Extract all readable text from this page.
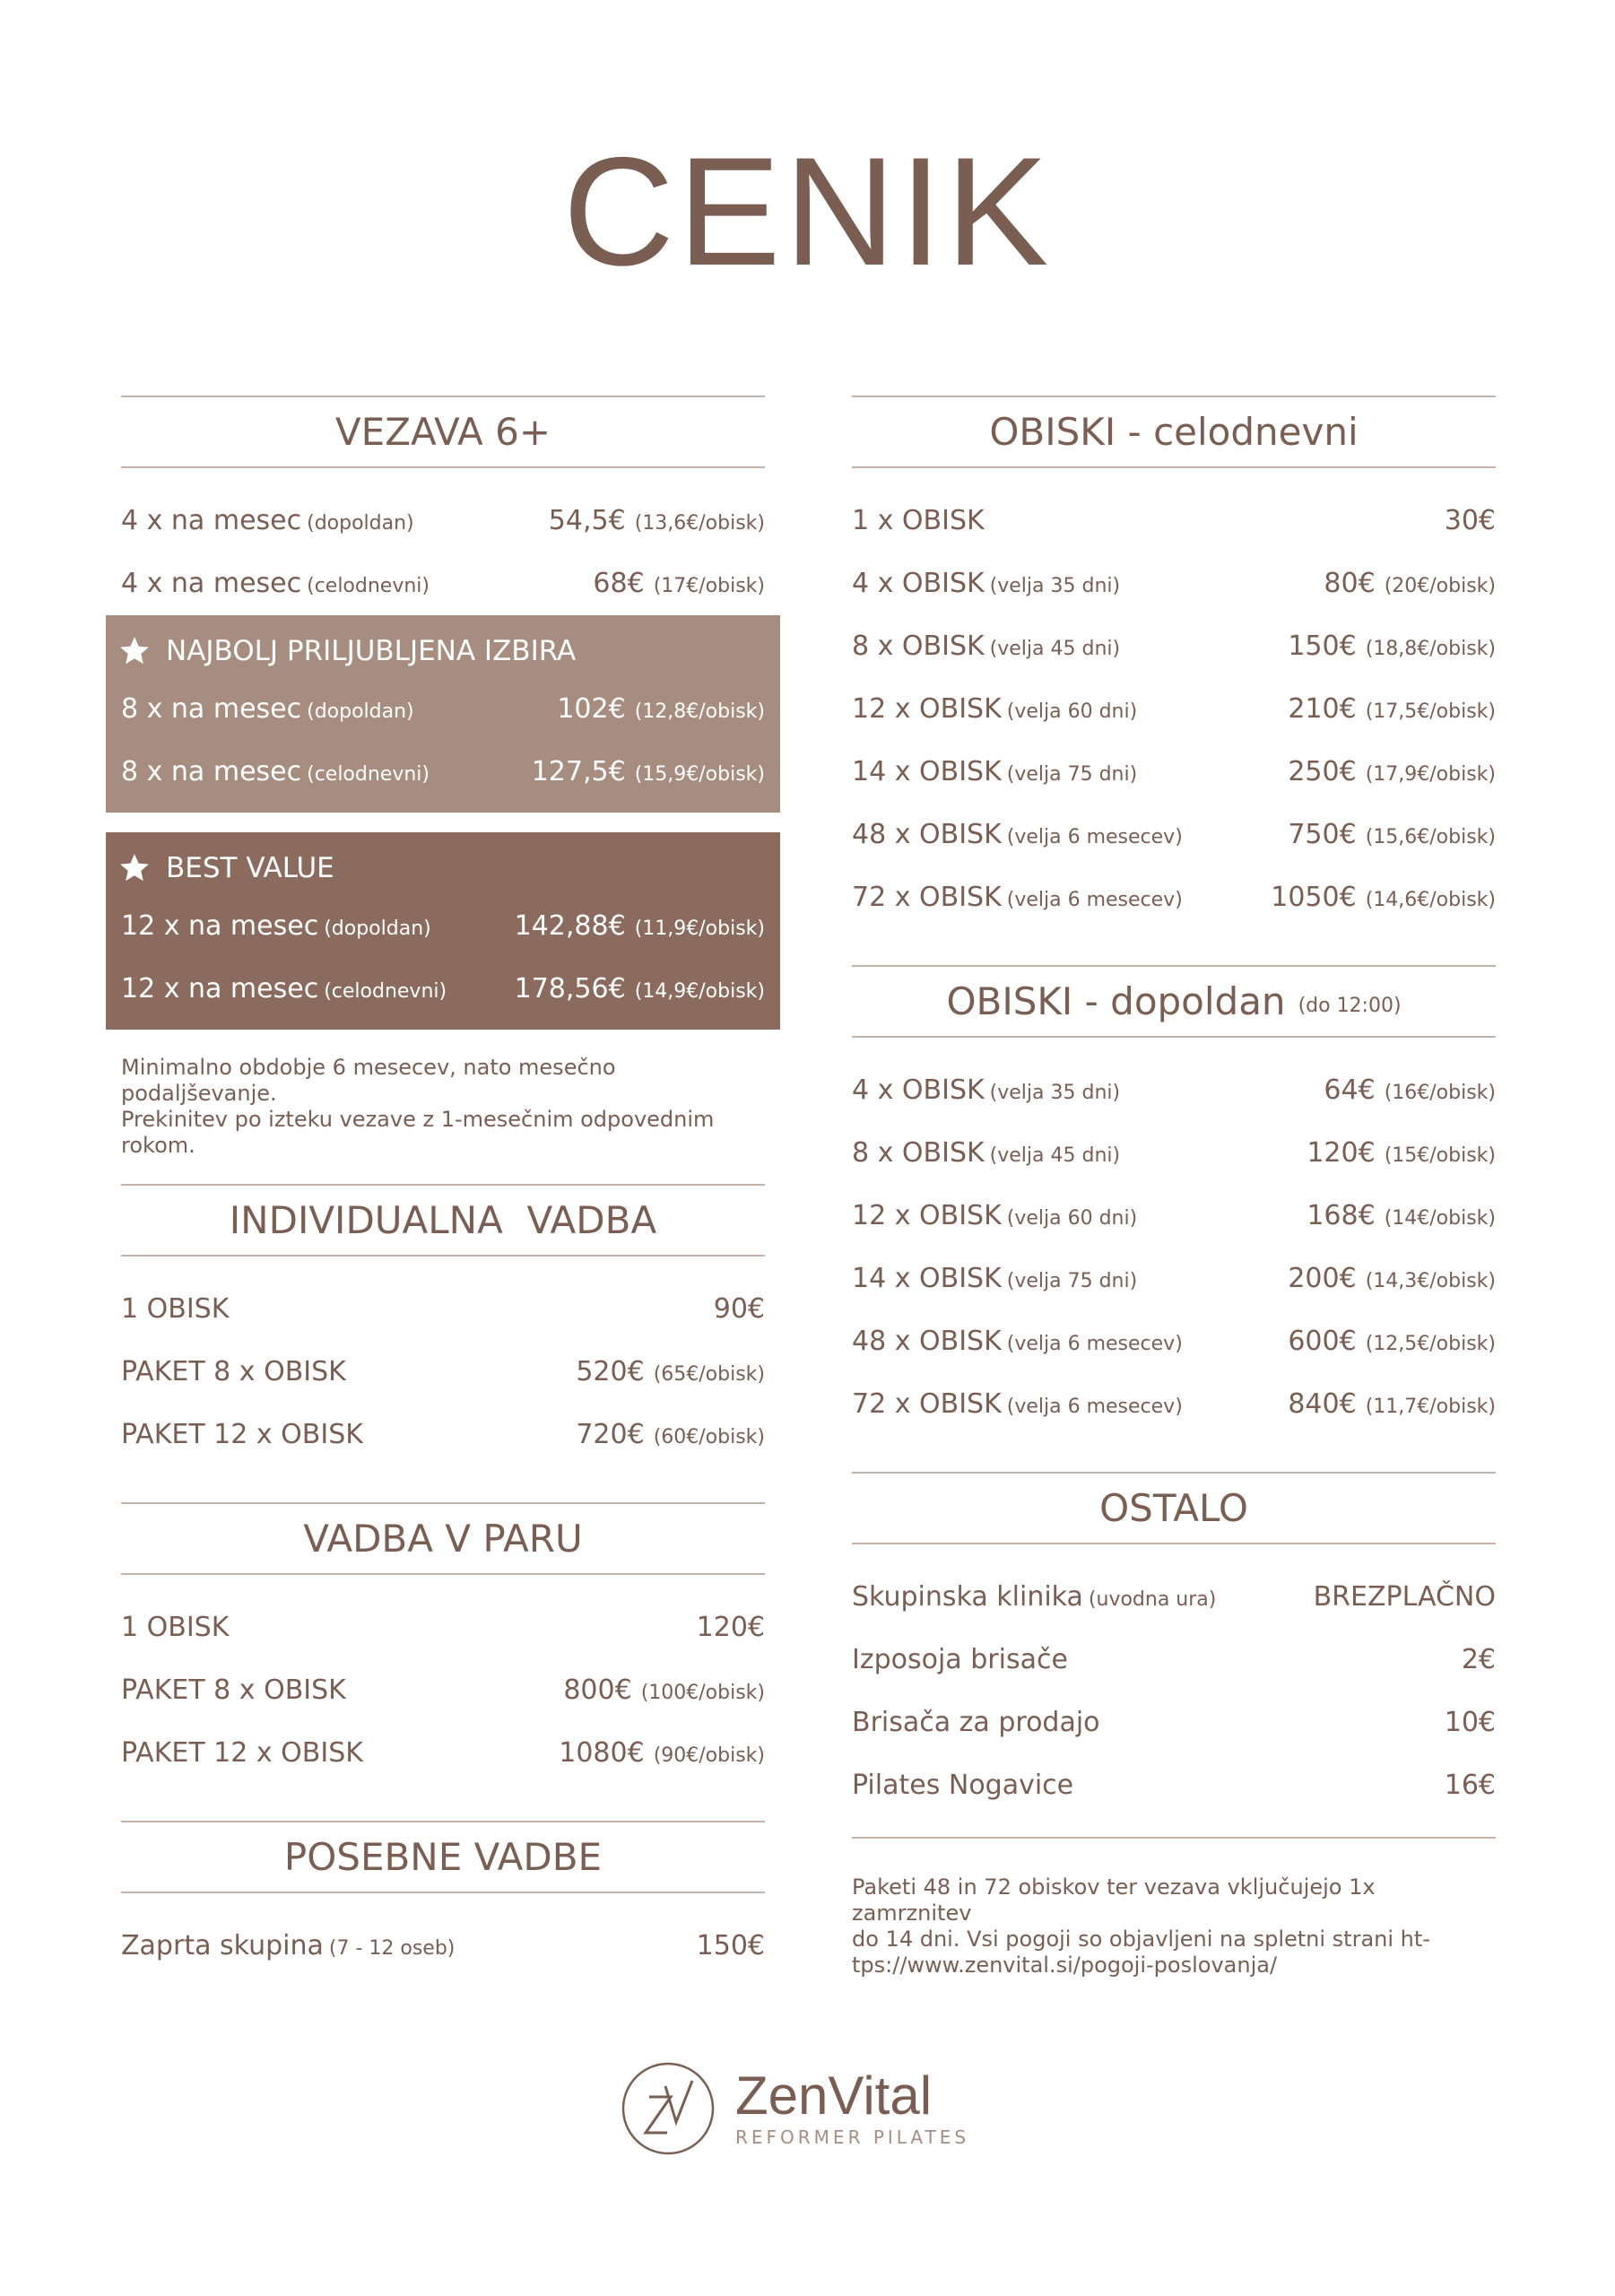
CENIK
VEZAVA 6+
4 x na mesec (dopoldan)	54,5€ (13,6€/obisk)
4 x na mesec (celodnevni)	68€ (17€/obisk)
NAJBOLJ PRILJUBLJENA IZBIRA
8 x na mesec (dopoldan)	102€ (12,8€/obisk)
8 x na mesec (celodnevni)	127,5€ (15,9€/obisk)
BEST VALUE
12 x na mesec (dopoldan)	142,88€ (11,9€/obisk)
12 x na mesec (celodnevni)	178,56€ (14,9€/obisk)
Minimalno obdobje 6 mesecev, nato mesečno podaljševanje.
Prekinitev po izteku vezave z 1-mesečnim odpovednim rokom.
INDIVIDUALNA  VADBA
1 OBISK	90€
PAKET 8 x OBISK	520€ (65€/obisk)
PAKET 12 x OBISK	720€ (60€/obisk)
VADBA V PARU
1 OBISK	120€
PAKET 8 x OBISK	800€ (100€/obisk)
PAKET 12 x OBISK	1080€ (90€/obisk)
POSEBNE VADBE
Zaprta skupina (7 - 12 oseb)	150€
OBISKI - celodnevni
1 x OBISK	30€
4 x OBISK (velja 35 dni)	80€ (20€/obisk)
8 x OBISK (velja 45 dni)	150€ (18,8€/obisk)
12 x OBISK (velja 60 dni)	210€ (17,5€/obisk)
14 x OBISK (velja 75 dni)	250€ (17,9€/obisk)
48 x OBISK (velja 6 mesecev)	750€ (15,6€/obisk)
72 x OBISK (velja 6 mesecev)	1050€ (14,6€/obisk)
OBISKI - dopoldan (do 12:00)
4 x OBISK (velja 35 dni)	64€ (16€/obisk)
8 x OBISK (velja 45 dni)	120€ (15€/obisk)
12 x OBISK (velja 60 dni)	168€ (14€/obisk)
14 x OBISK (velja 75 dni)	200€ (14,3€/obisk)
48 x OBISK (velja 6 mesecev)	600€ (12,5€/obisk)
72 x OBISK (velja 6 mesecev)	840€ (11,7€/obisk)
OSTALO
Skupinska klinika (uvodna ura)	BREZPLAČNO
Izposoja brisače	2€
Brisača za prodajo	10€
Pilates Nogavice	16€
Paketi 48 in 72 obiskov ter vezava vključujejo 1x zamrznitev
do 14 dni. Vsi pogoji so objavljeni na spletni strani ht-
tps://www.zenvital.si/pogoji-poslovanja/
ZenVital
REFORMER PILATES
